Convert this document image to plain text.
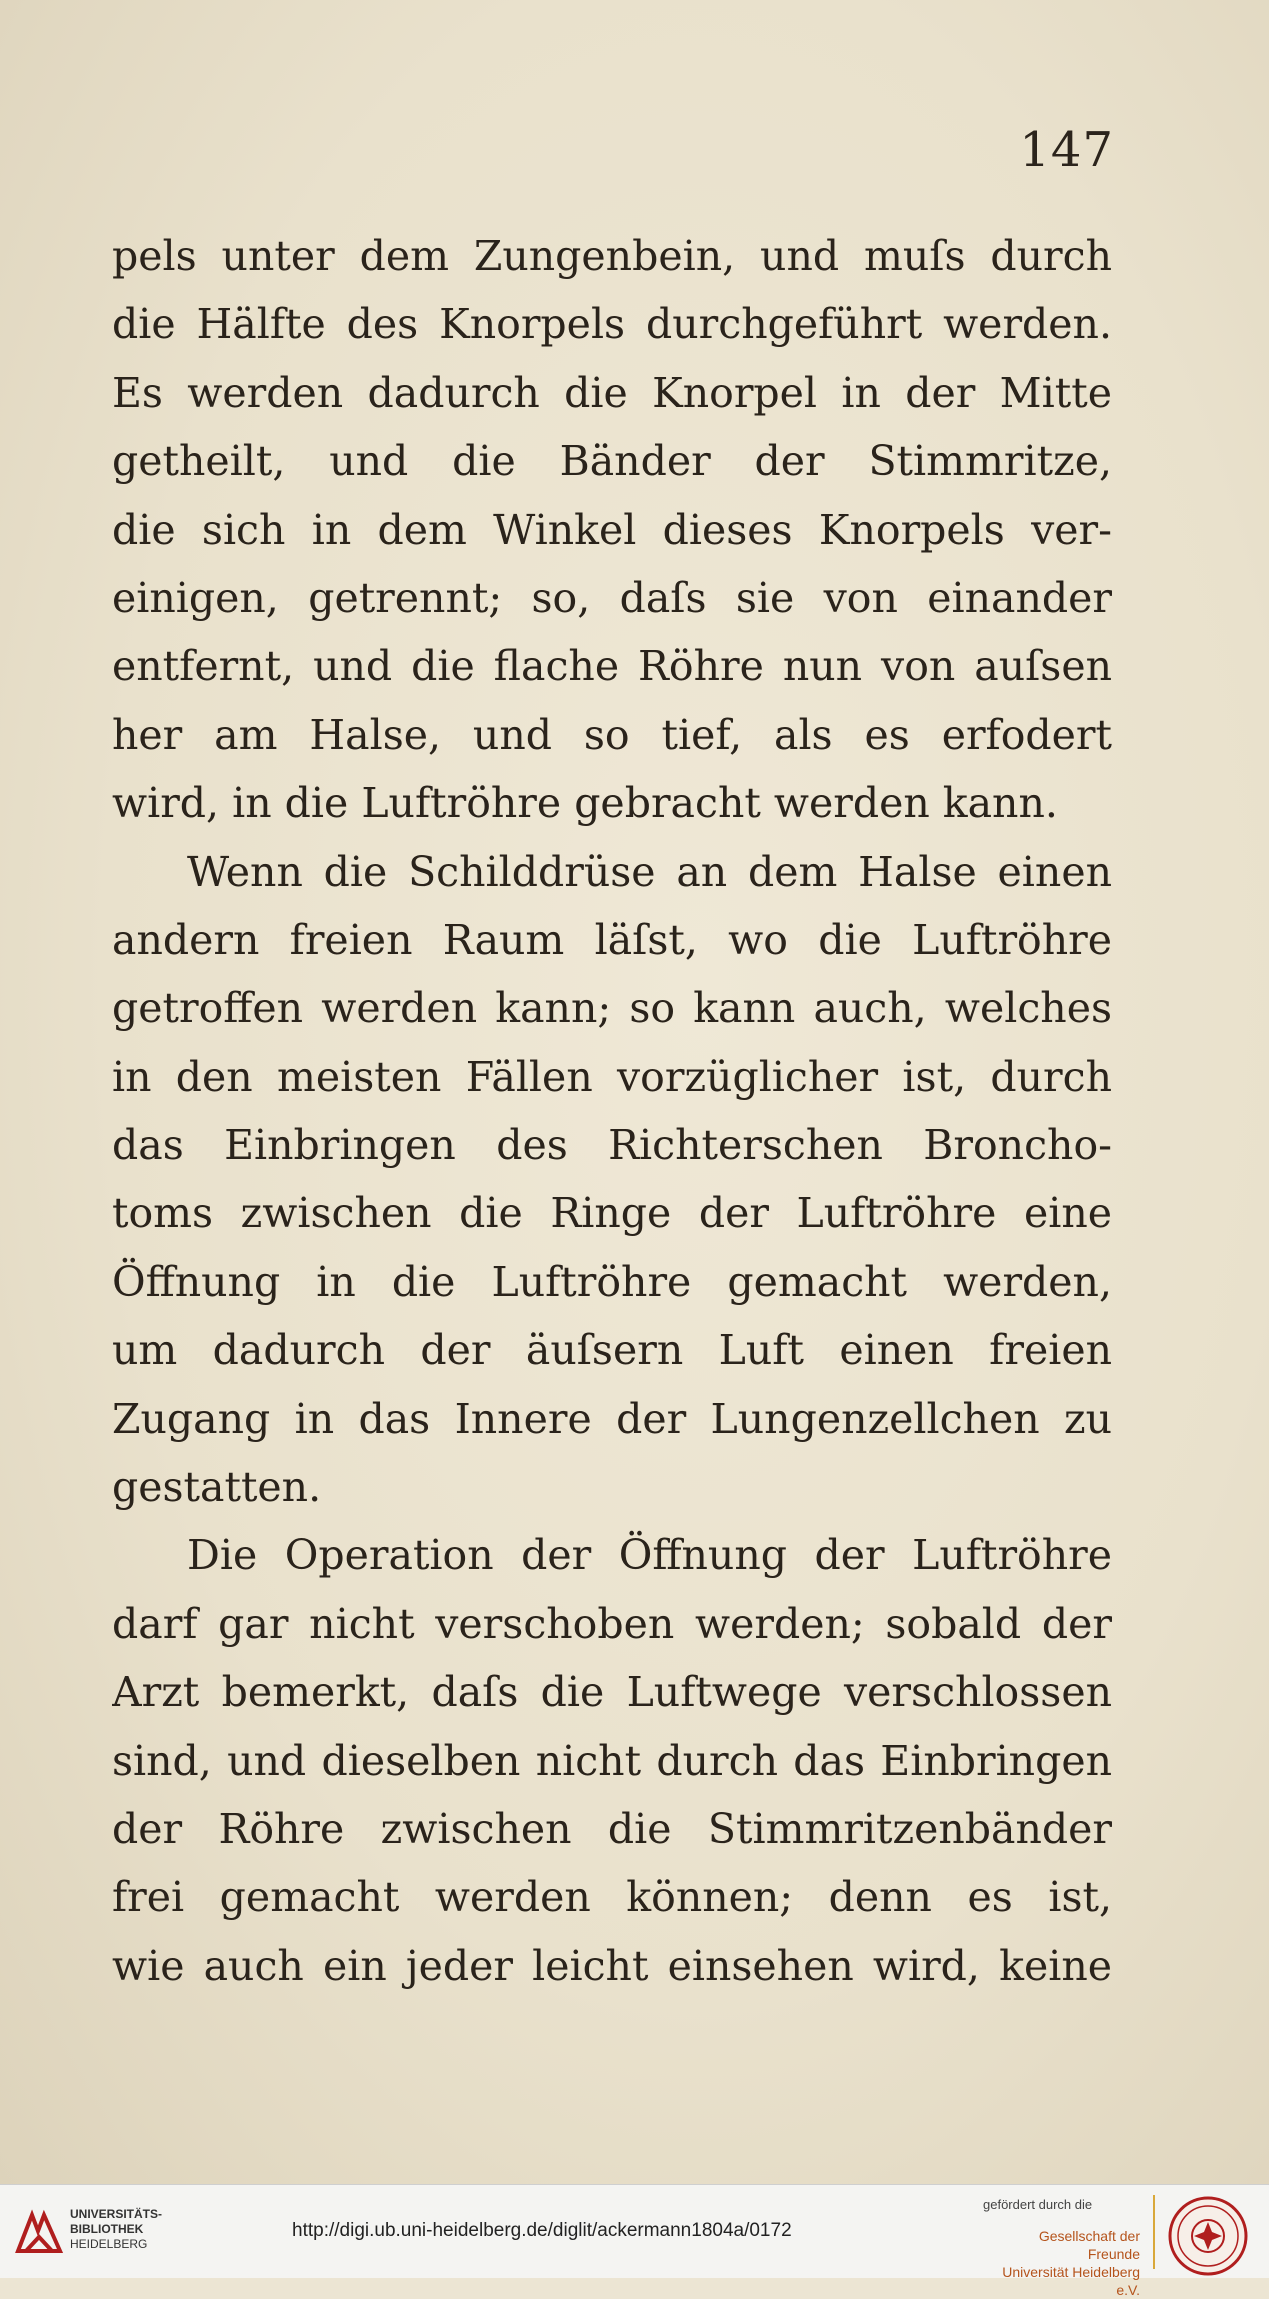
147
pels unter dem Zungenbein, und muſs durch
die Hälfte des Knorpels durchgeführt werden.
Es werden dadurch die Knorpel in der Mitte
getheilt, und die Bänder der Stimmritze,
die sich in dem Winkel dieses Knorpels ver-
einigen, getrennt; so, daſs sie von einander
entfernt, und die flache Röhre nun von auſsen
her am Halse, und so tief, als es erfodert
wird, in die Luftröhre gebracht werden kann.
Wenn die Schilddrüse an dem Halse einen
andern freien Raum läſst, wo die Luftröhre
getroffen werden kann; so kann auch, welches
in den meisten Fällen vorzüglicher ist, durch
das Einbringen des Richterschen Broncho-
toms zwischen die Ringe der Luftröhre eine
Öffnung in die Luftröhre gemacht werden,
um dadurch der äuſsern Luft einen freien
Zugang in das Innere der Lungenzellchen zu
gestatten.
Die Operation der Öffnung der Luftröhre
darf gar nicht verschoben werden; sobald der
Arzt bemerkt, daſs die Luftwege verschlossen
sind, und dieselben nicht durch das Einbringen
der Röhre zwischen die Stimmritzenbänder
frei gemacht werden können; denn es ist,
wie auch ein jeder leicht einsehen wird, keine
UNIVERSITÄTS-
BIBLIOTHEK
HEIDELBERG
http://digi.ub.uni-heidelberg.de/diglit/ackermann1804a/0172
gefördert durch die
Gesellschaft der Freunde
Universität Heidelberg e.V.
